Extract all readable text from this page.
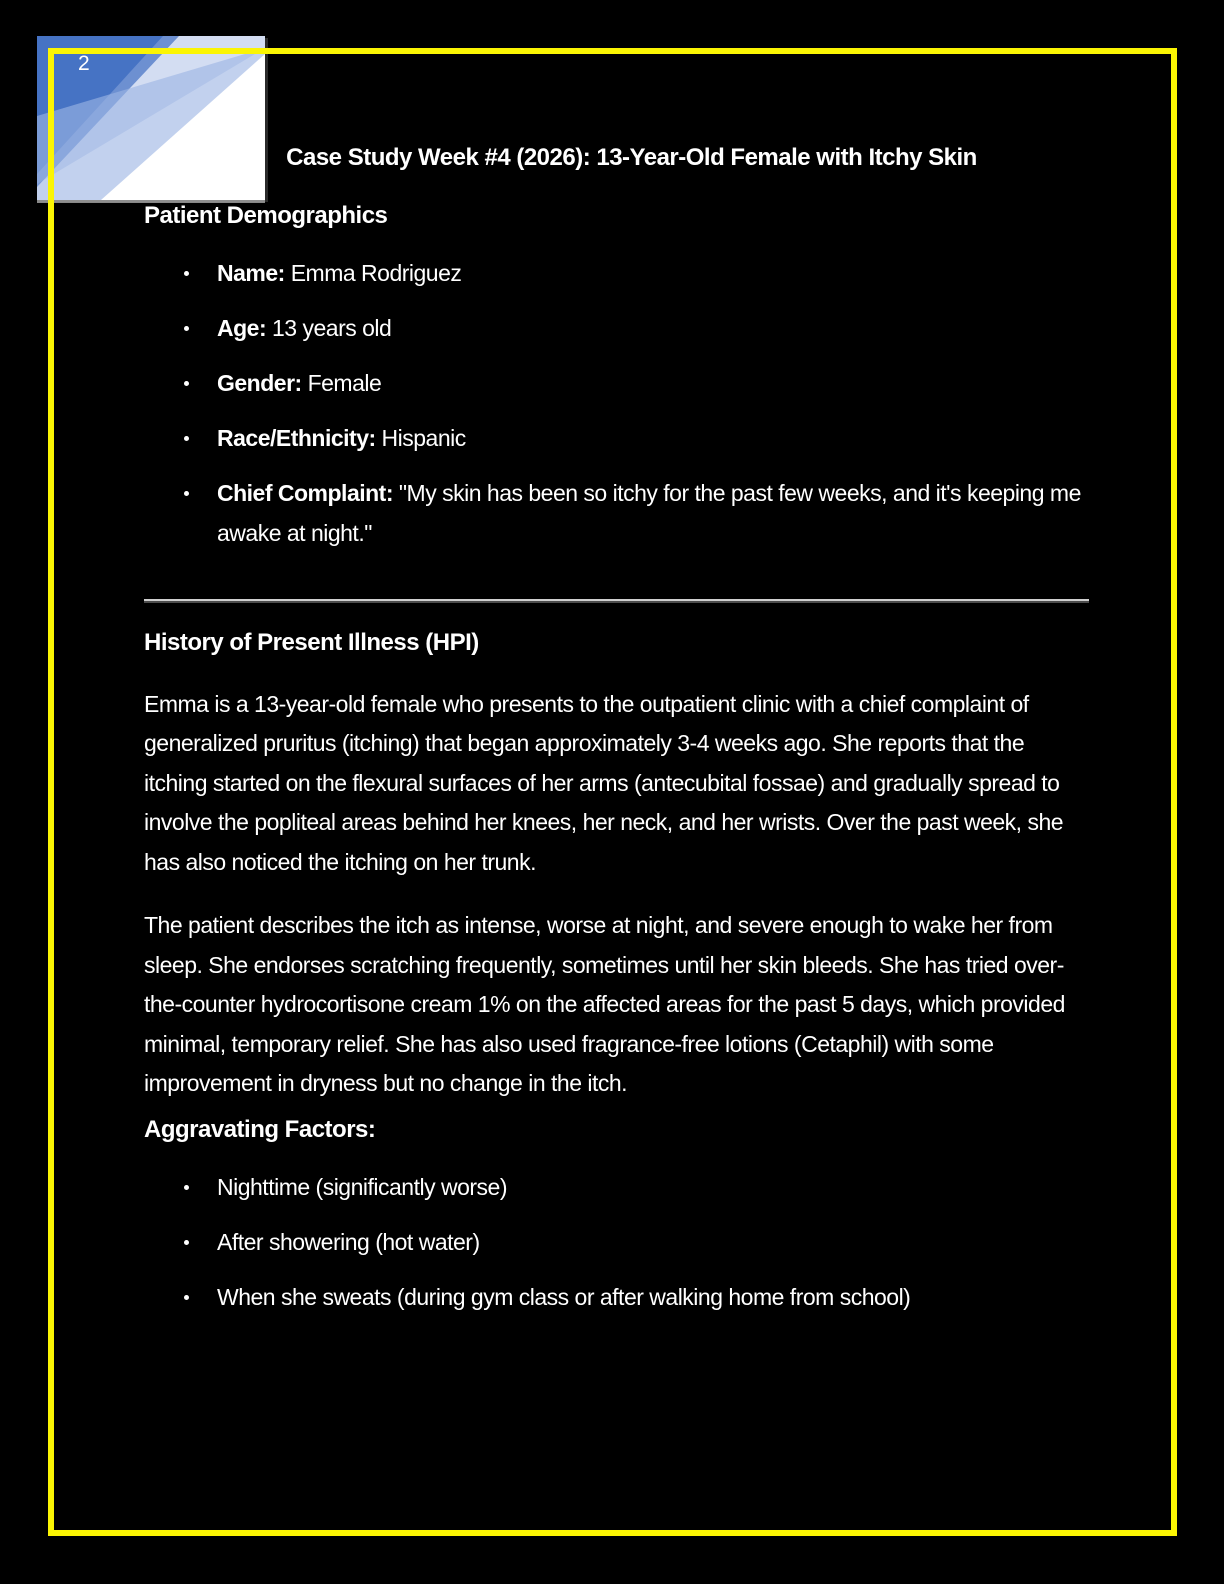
2
Case Study Week #4 (2026): 13-Year-Old Female with Itchy Skin
Patient Demographics
Name: Emma Rodriguez
Age: 13 years old
Gender: Female
Race/Ethnicity: Hispanic
Chief Complaint: "My skin has been so itchy for the past few weeks, and it's keeping me awake at night."
History of Present Illness (HPI)

Emma is a 13-year-old female who presents to the outpatient clinic with a chief complaint of generalized pruritus (itching) that began approximately 3-4 weeks ago. She reports that the itching started on the flexural surfaces of her arms (antecubital fossae) and gradually spread to involve the popliteal areas behind her knees, her neck, and her wrists. Over the past week, she has also noticed the itching on her trunk.

The patient describes the itch as intense, worse at night, and severe enough to wake her from sleep. She endorses scratching frequently, sometimes until her skin bleeds. She has tried over-the-counter hydrocortisone cream 1% on the affected areas for the past 5 days, which provided minimal, temporary relief. She has also used fragrance-free lotions (Cetaphil) with some improvement in dryness but no change in the itch.

Aggravating Factors:
Nighttime (significantly worse)
After showering (hot water)
When she sweats (during gym class or after walking home from school)
